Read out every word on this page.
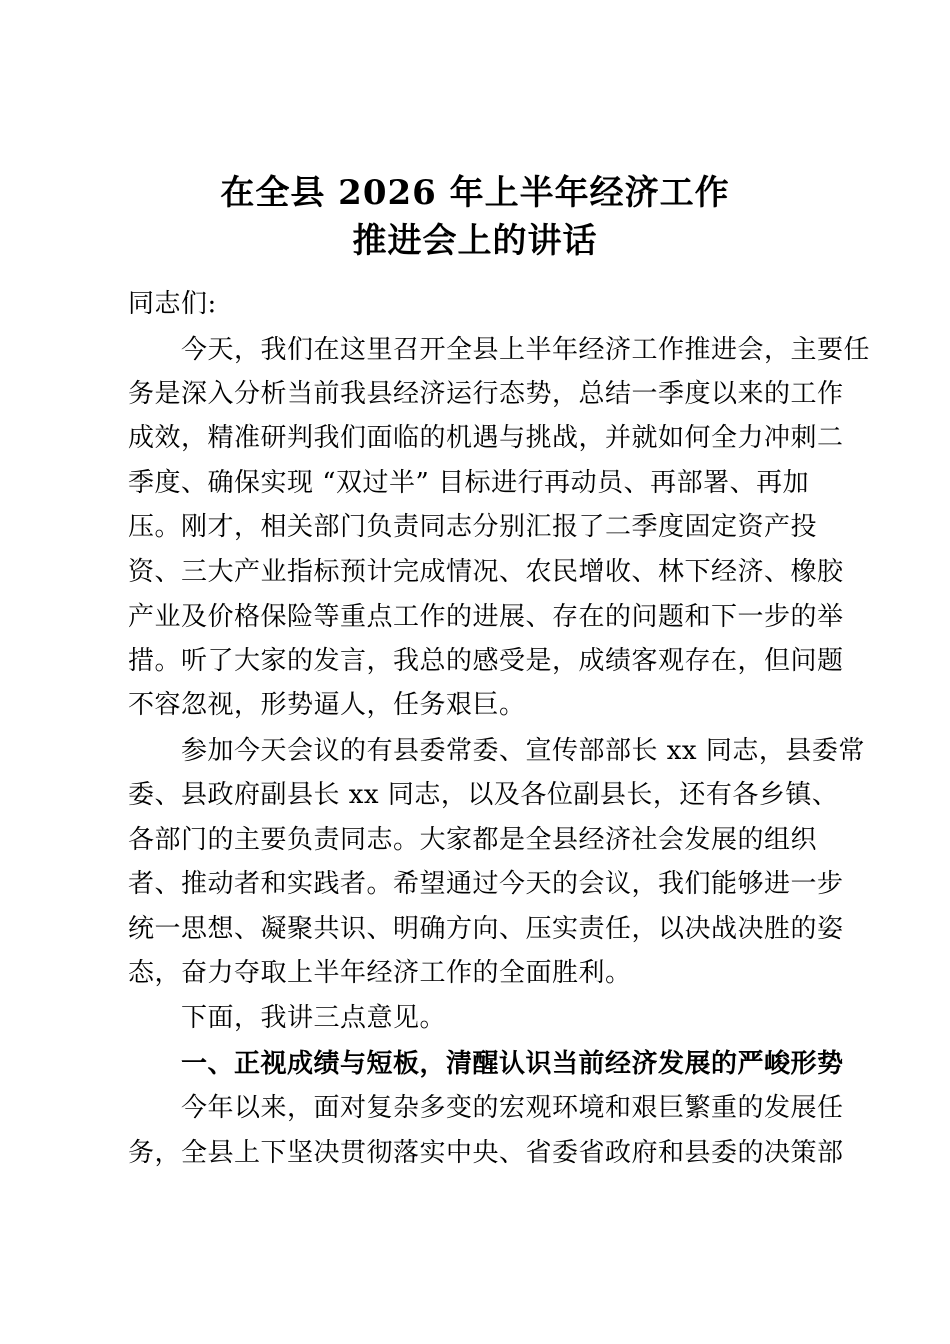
在全县 2026 年上半年经济工作
推进会上的讲话
同志们:
　　今天，我们在这里召开全县上半年经济工作推进会，主要任
务是深入分析当前我县经济运行态势，总结一季度以来的工作
成效，精准研判我们面临的机遇与挑战，并就如何全力冲刺二
季度、确保实现 “双过半” 目标进行再动员、再部署、再加
压。刚才，相关部门负责同志分别汇报了二季度固定资产投
资、三大产业指标预计完成情况、农民增收、林下经济、橡胶
产业及价格保险等重点工作的进展、存在的问题和下一步的举
措。听了大家的发言，我总的感受是，成绩客观存在，但问题
不容忽视，形势逼人，任务艰巨。
　　参加今天会议的有县委常委、宣传部部长 xx 同志，县委常
委、县政府副县长 xx 同志，以及各位副县长，还有各乡镇、
各部门的主要负责同志。大家都是全县经济社会发展的组织
者、推动者和实践者。希望通过今天的会议，我们能够进一步
统一思想、凝聚共识、明确方向、压实责任，以决战决胜的姿
态，奋力夺取上半年经济工作的全面胜利。
　　下面，我讲三点意见。
　　一、正视成绩与短板，清醒认识当前经济发展的严峻形势
　　今年以来，面对复杂多变的宏观环境和艰巨繁重的发展任
务，全县上下坚决贯彻落实中央、省委省政府和县委的决策部
